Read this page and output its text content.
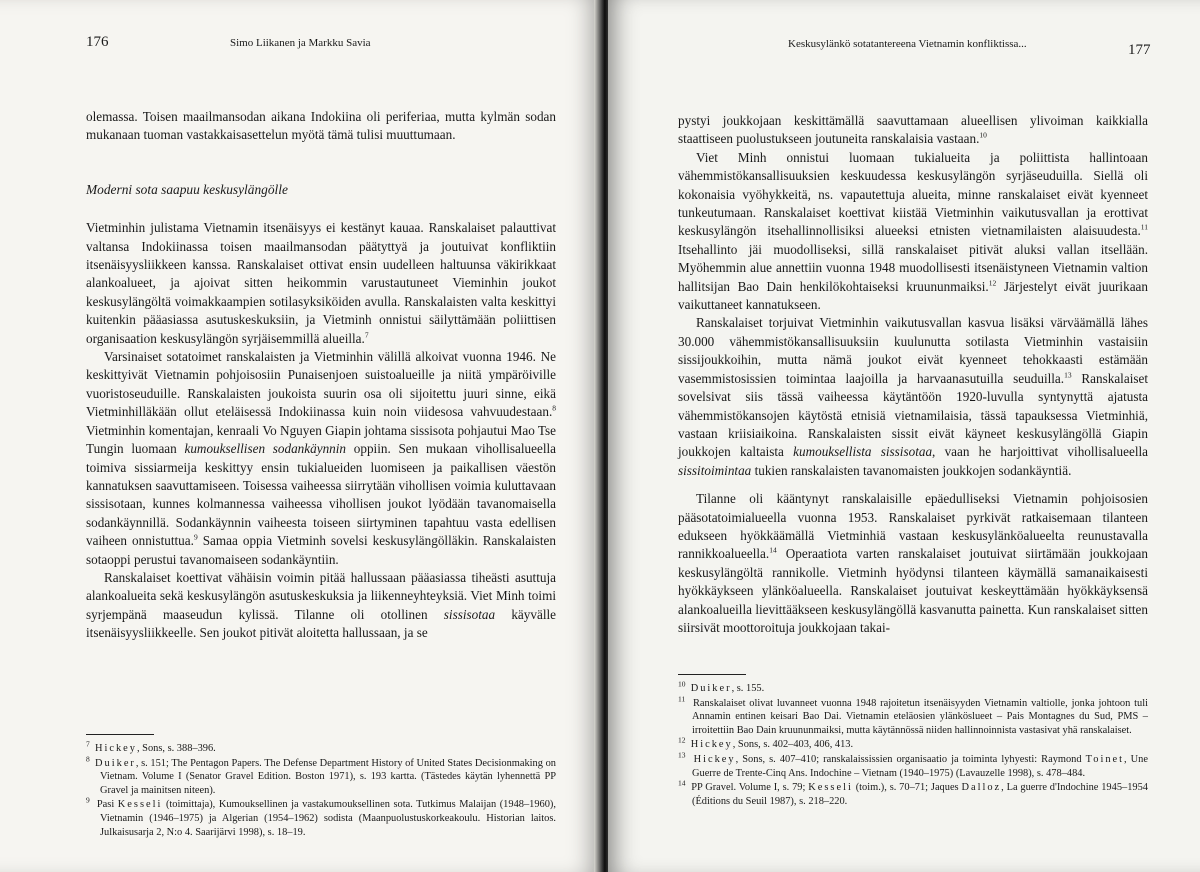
176	Simo Liikanen ja Markku Savia

olemassa. Toisen maailmansodan aikana Indokiina oli periferiaa, mutta kylmän sodan mukanaan tuoman vastakkaisasettelun myötä tämä tulisi muuttumaan.

Moderni sota saapuu keskusylängölle

Vietminhin julistama Vietnamin itsenäisyys ei kestänyt kauaa. Ranskalaiset palauttivat valtansa Indokiinassa toisen maailmansodan päätyttyä ja joutuivat konfliktiin itsenäisyysliikkeen kanssa. Ranskalaiset ottivat ensin uudelleen haltuunsa väkirikkaat alankoalueet, ja ajoivat sitten heikommin varustautuneet Vieminhin joukot keskusylängöltä voimakkaampien sotilasyksiköiden avulla. Ranskalaisten valta keskittyi kuitenkin pääasiassa asutuskeskuksiin, ja Vietminh onnistui säilyttämään poliittisen organisaation keskusylängön syrjäisemmillä alueilla.$^7$

Varsinaiset sotatoimet ranskalaisten ja Vietminhin välillä alkoivat vuonna 1946. Ne keskittyivät Vietnamin pohjoisosiin Punaisenjoen suistoalueille ja niitä ympäröiville vuoristoseuduille. Ranskalaisten joukoista suurin osa oli sijoitettu juuri sinne, eikä Vietminhilläkään ollut eteläisessä Indokiinassa kuin noin viidesosa vahvuudestaan.$^8$ Vietminhin komentajan, kenraali Vo Nguyen Giapin johtama sissisota pohjautui Mao Tse Tungin luomaan kumouksellisen sodankäynnin oppiin. Sen mukaan vihollisalueella toimiva sissiarmeija keskittyy ensin tukialueiden luomiseen ja paikallisen väestön kannatuksen saavuttamiseen. Toisessa vaiheessa siirrytään vihollisen voimia kuluttavaan sissisotaan, kunnes kolmannessa vaiheessa vihollisen joukot lyödään tavanomaisella sodankäynnillä. Sodankäynnin vaiheesta toiseen siirtyminen tapahtuu vasta edellisen vaiheen onnistuttua.$^9$ Samaa oppia Vietminh sovelsi keskusylängölläkin. Ranskalaisten sotaoppi perustui tavanomaiseen sodankäyntiin.

Ranskalaiset koettivat vähäisin voimin pitää hallussaan pääasiassa tiheästi asuttuja alankoalueita sekä keskusylängön asutuskeskuksia ja liikenneyhteyksiä. Viet Minh toimi syrjempänä maaseudun kylissä. Tilanne oli otollinen sissisotaa käyvälle itsenäisyysliikkeelle. Sen joukot pitivät aloitetta hallussaan, ja se

$^7$ Hickey, Sons, s. 388–396.

$^8$ Duiker, s. 151; The Pentagon Papers. The Defense Department History of United States Decisionmaking on Vietnam. Volume I (Senator Gravel Edition. Boston 1971), s. 193 kartta. (Tästedes käytän lyhennettä PP Gravel ja mainitsen niteen).

$^9$ Pasi Kesseli (toimittaja), Kumouksellinen ja vastakumouksellinen sota. Tutkimus Malaijan (1948–1960), Vietnamin (1946–1975) ja Algerian (1954–1962) sodista (Maanpuolustuskorkeakoulu. Historian laitos. Julkaisusarja 2, N:o 4. Saarijärvi 1998), s. 18–19.

Keskusylänkö sotatantereena Vietnamin konfliktissa...	177

pystyi joukkojaan keskittämällä saavuttamaan alueellisen ylivoiman kaikkialla staattiseen puolustukseen joutuneita ranskalaisia vastaan.$^{10}$

Viet Minh onnistui luomaan tukialueita ja poliittista hallintoaan vähemmistökansallisuuksien keskuudessa keskusylängön syrjäseuduilla. Siellä oli kokonaisia vyöhykkeitä, ns. vapautettuja alueita, minne ranskalaiset eivät kyenneet tunkeutumaan. Ranskalaiset koettivat kiistää Vietminhin vaikutusvallan ja erottivat keskusylängön itsehallinnollisiksi alueeksi etnisten vietnamilaisten alaisuudesta.$^{11}$ Itsehallinto jäi muodolliseksi, sillä ranskalaiset pitivät aluksi vallan itsellään. Myöhemmin alue annettiin vuonna 1948 muodollisesti itsenäistyneen Vietnamin valtion hallitsijan Bao Dain henkilökohtaiseksi kruununmaiksi.$^{12}$ Järjestelyt eivät juurikaan vaikuttaneet kannatukseen.

Ranskalaiset torjuivat Vietminhin vaikutusvallan kasvua lisäksi värväämällä lähes 30.000 vähemmistökansallisuuksiin kuulunutta sotilasta Vietminhin vastaisiin sissijoukkoihin, mutta nämä joukot eivät kyenneet tehokkaasti estämään vasemmistosissien toimintaa laajoilla ja harvaanasutuilla seuduilla.$^{13}$ Ranskalaiset sovelsivat siis tässä vaiheessa käytäntöön 1920-luvulla syntynyttä ajatusta vähemmistökansojen käytöstä etnisiä vietnamilaisia, tässä tapauksessa Vietminhiä, vastaan kriisiaikoina. Ranskalaisten sissit eivät käyneet keskusylängöllä Giapin joukkojen kaltaista kumouksellista sissisotaa, vaan he harjoittivat vihollisalueella sissitoimintaa tukien ranskalaisten tavanomaisten joukkojen sodankäyntiä.

Tilanne oli kääntynyt ranskalaisille epäedulliseksi Vietnamin pohjoisosien pääsotatoimialueella vuonna 1953. Ranskalaiset pyrkivät ratkaisemaan tilanteen edukseen hyökkäämällä Vietminhiä vastaan keskusylänköalueelta reunustavalla rannikkoalueella.$^{14}$ Operaatiota varten ranskalaiset joutuivat siirtämään joukkojaan keskusylängöltä rannikolle. Vietminh hyödynsi tilanteen käymällä samanaikaisesti hyökkäykseen ylänköalueella. Ranskalaiset joutuivat keskeyttämään hyökkäyksensä alankoalueilla lievittääkseen keskusylängöllä kasvanutta painetta. Kun ranskalaiset sitten siirsivät moottoroituja joukkojaan takai-

$^{10}$ Duiker, s. 155.

$^{11}$ Ranskalaiset olivat luvanneet vuonna 1948 rajoitetun itsenäisyyden Vietnamin valtiolle, jonka johtoon tuli Annamin entinen keisari Bao Dai. Vietnamin eteläosien ylänköslueet – Pais Montagnes du Sud, PMS – irroitettiin Bao Dain kruununmaiksi, mutta käytännössä niiden hallinnoinnista vastasivat yhä ranskalaiset.

$^{12}$ Hickey, Sons, s. 402–403, 406, 413.

$^{13}$ Hickey, Sons, s. 407–410; ranskalaississien organisaatio ja toiminta lyhyesti: Raymond Toinet, Une Guerre de Trente-Cinq Ans. Indochine – Vietnam (1940–1975) (Lavauzelle 1998), s. 478–484.

$^{14}$ PP Gravel. Volume I, s. 79; Kesseli (toim.), s. 70–71; Jaques Dalloz, La guerre d'Indochine 1945–1954 (Éditions du Seuil 1987), s. 218–220.
